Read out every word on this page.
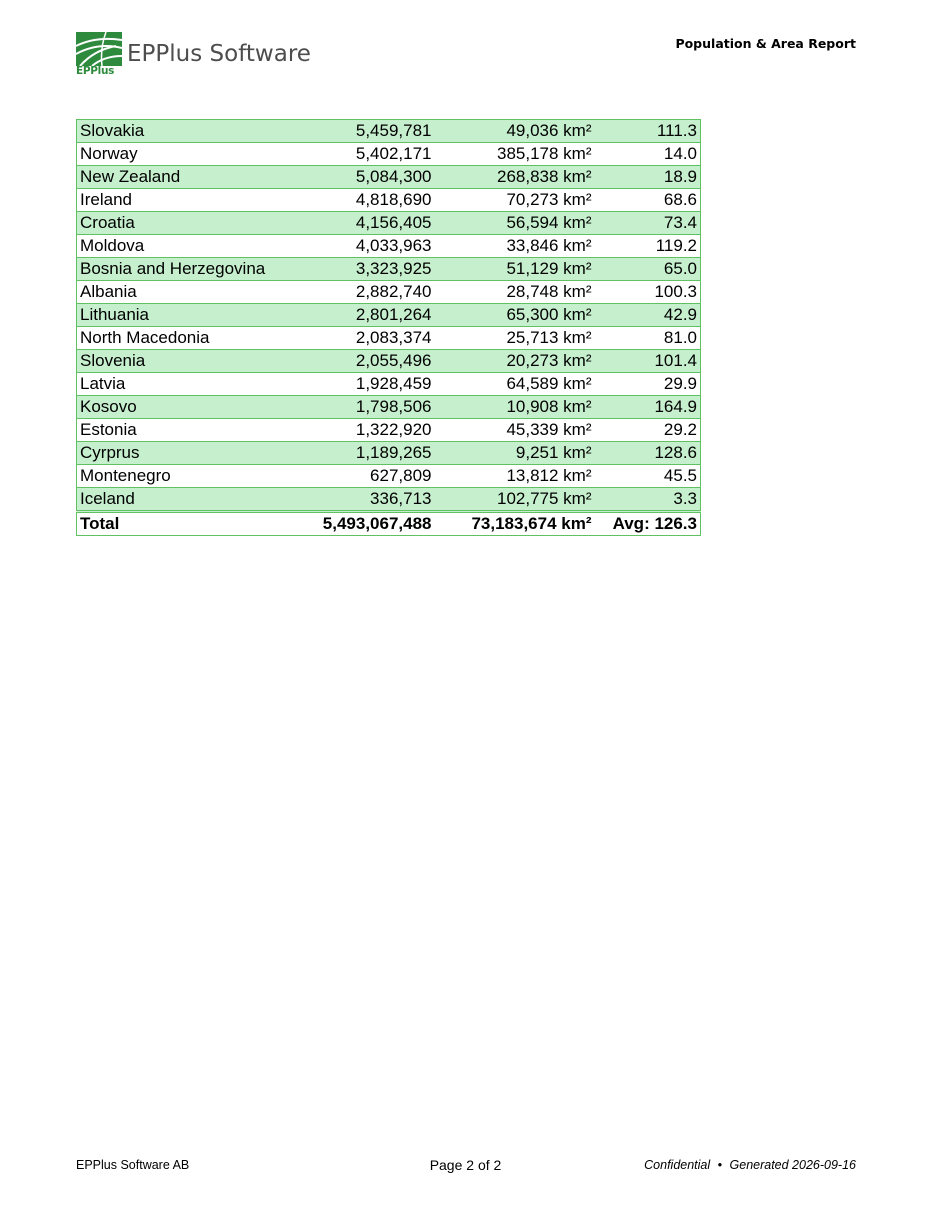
EPPlus
EPPlus Software	Population & Area Report
Slovakia	5,459,781	49,036 km²	111.3
Norway	5,402,171	385,178 km²	14.0
New Zealand	5,084,300	268,838 km²	18.9
Ireland	4,818,690	70,273 km²	68.6
Croatia	4,156,405	56,594 km²	73.4
Moldova	4,033,963	33,846 km²	119.2
Bosnia and Herzegovina	3,323,925	51,129 km²	65.0
Albania	2,882,740	28,748 km²	100.3
Lithuania	2,801,264	65,300 km²	42.9
North Macedonia	2,083,374	25,713 km²	81.0
Slovenia	2,055,496	20,273 km²	101.4
Latvia	1,928,459	64,589 km²	29.9
Kosovo	1,798,506	10,908 km²	164.9
Estonia	1,322,920	45,339 km²	29.2
Cyrprus	1,189,265	9,251 km²	128.6
Montenegro	627,809	13,812 km²	45.5
Iceland	336,713	102,775 km²	3.3
Total	5,493,067,488	73,183,674 km²	Avg: 126.3
EPPlus Software AB	Page 2 of 2	Confidential • Generated 2026-09-16
